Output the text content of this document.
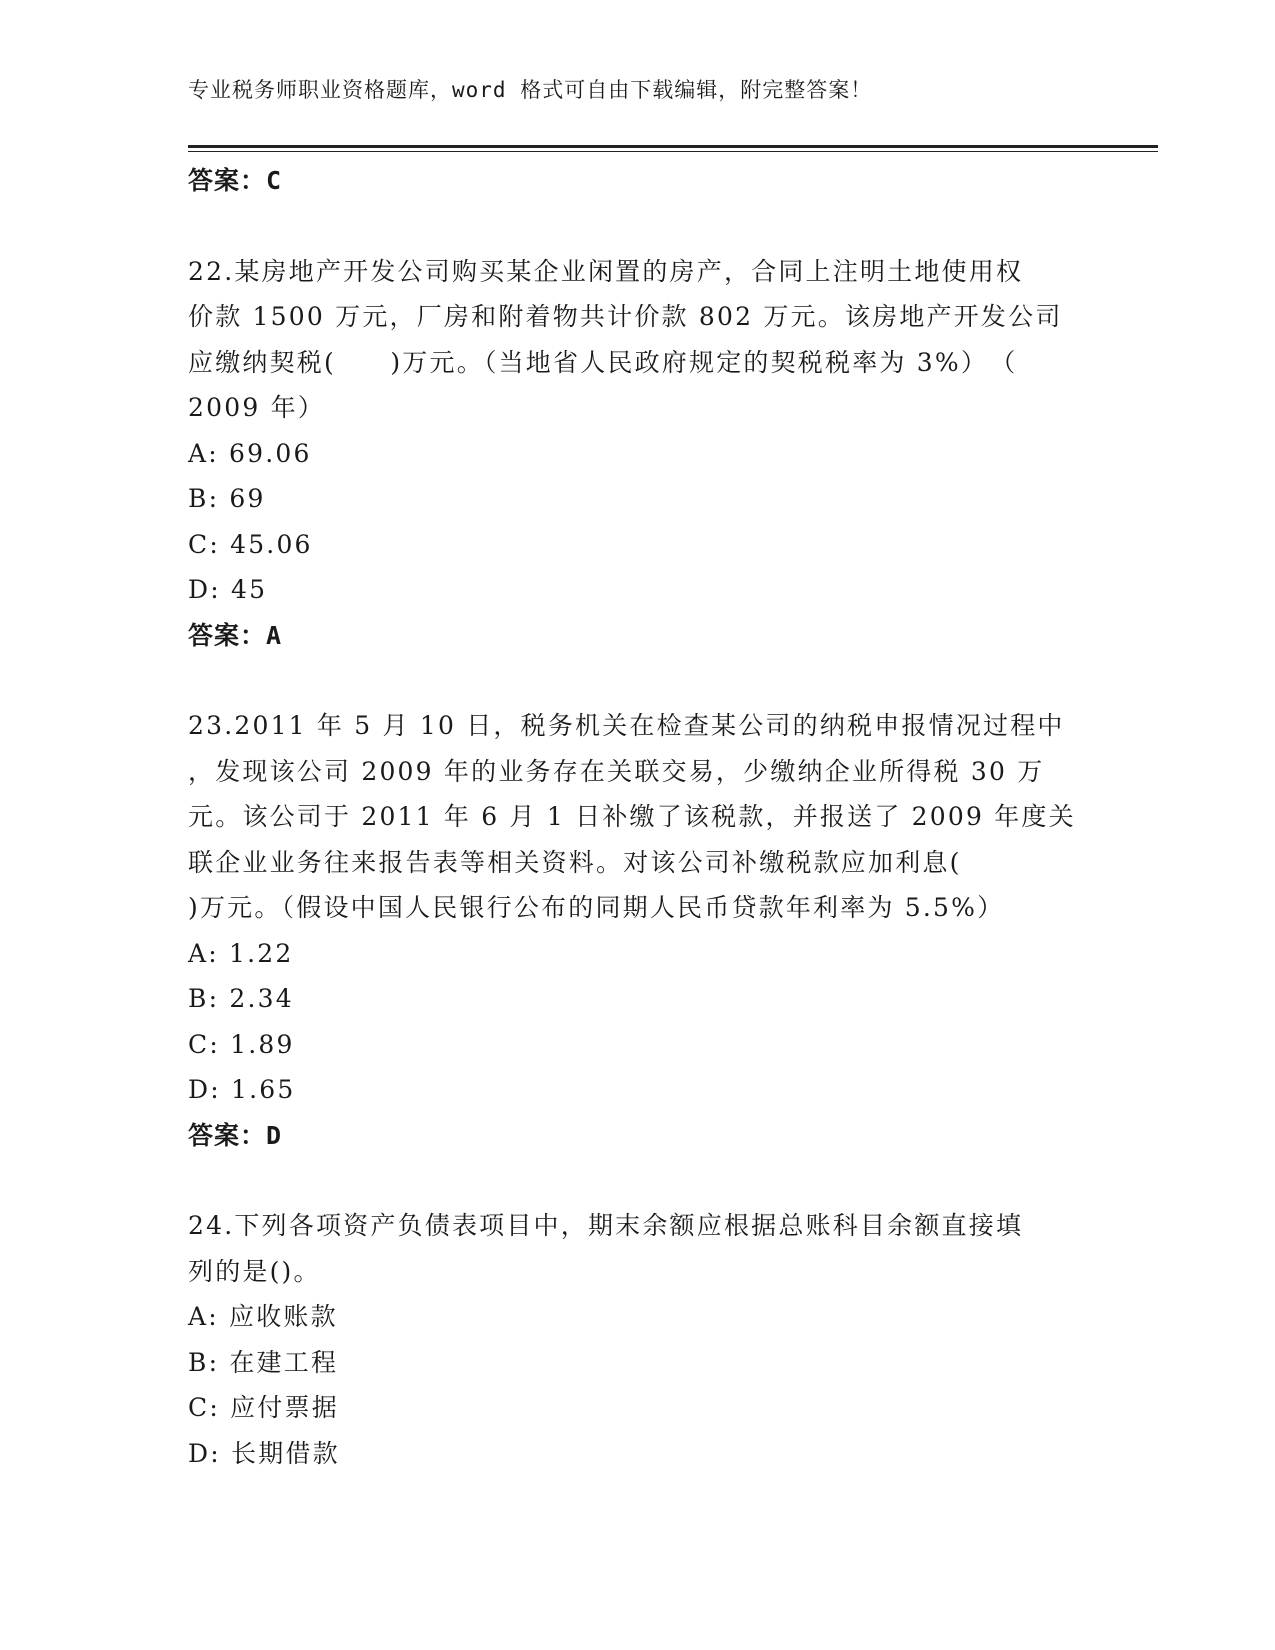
专业税务师职业资格题库，word 格式可自由下载编辑，附完整答案！
答案：C
22.某房地产开发公司购买某企业闲置的房产，合同上注明土地使用权
价款 1500 万元，厂房和附着物共计价款 802 万元。该房地产开发公司
应缴纳契税(　　)万元。（当地省人民政府规定的契税税率为 3%）　（
2009 年）
A: 69.06
B: 69
C: 45.06
D: 45
答案：A
23.2011 年 5 月 10 日，税务机关在检查某公司的纳税申报情况过程中
，发现该公司 2009 年的业务存在关联交易，少缴纳企业所得税 30 万
元。该公司于 2011 年 6 月 1 日补缴了该税款，并报送了 2009 年度关
联企业业务往来报告表等相关资料。对该公司补缴税款应加利息(
)万元。（假设中国人民银行公布的同期人民币贷款年利率为 5.5%）
A: 1.22
B: 2.34
C: 1.89
D: 1.65
答案：D
24.下列各项资产负债表项目中，期末余额应根据总账科目余额直接填
列的是()。
A: 应收账款
B: 在建工程
C: 应付票据
D: 长期借款
